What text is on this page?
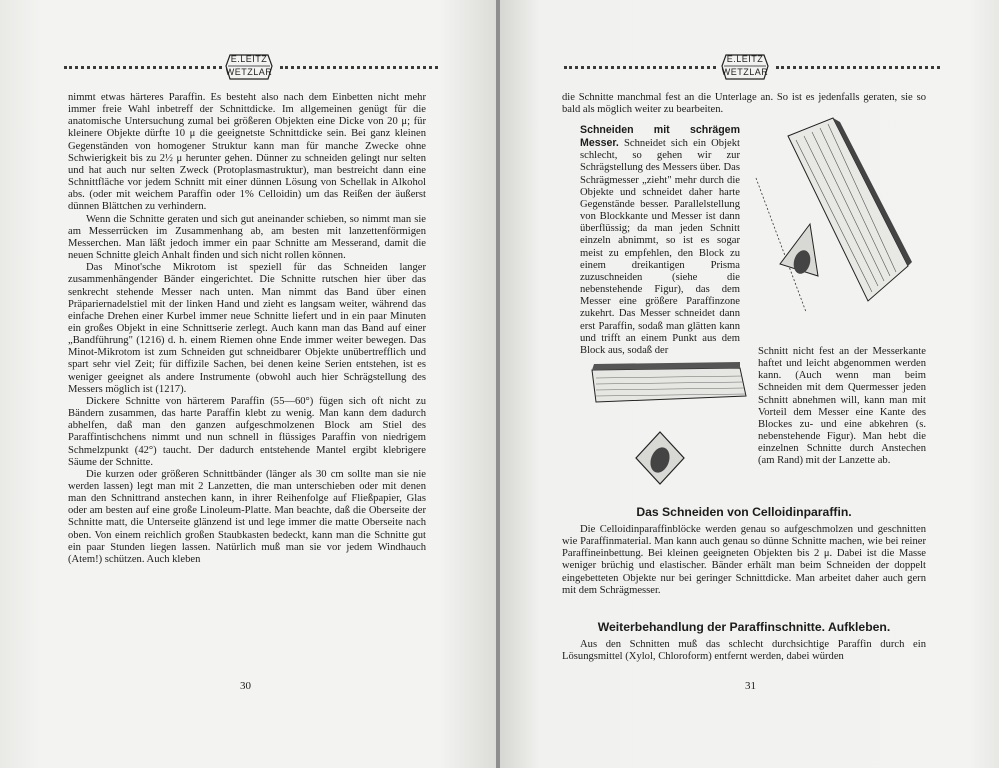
E.LEITZ
WETZLAR

nimmt etwas härteres Paraffin. Es besteht also nach dem Einbetten nicht mehr immer freie Wahl inbetreff der Schnittdicke. Im allgemeinen genügt für die anatomische Untersuchung zumal bei größeren Objekten eine Dicke von 20 μ; für kleinere Objekte dürfte 10 μ die geeignetste Schnittdicke sein. Bei ganz kleinen Gegenständen von homogener Struktur kann man für manche Zwecke ohne Schwierigkeit bis zu 2½ μ herunter gehen. Dünner zu schneiden gelingt nur selten und hat auch nur selten Zweck (Protoplasmastruktur), man bestreicht dann eine Schnittfläche vor jedem Schnitt mit einer dünnen Lösung von Schellak in Alkohol abs. (oder mit weichem Paraffin oder 1% Celloidin) um das Reißen der äußerst dünnen Blättchen zu verhindern.

Wenn die Schnitte geraten und sich gut aneinander schieben, so nimmt man sie am Messerrücken im Zusammenhang ab, am besten mit lanzettenförmigen Messerchen. Man läßt jedoch immer ein paar Schnitte am Messerand, damit die neuen Schnitte gleich Anhalt finden und sich nicht rollen können.

Das Minot'sche Mikrotom ist speziell für das Schneiden langer zusammenhängender Bänder eingerichtet. Die Schnitte rutschen hier über das senkrecht stehende Messer nach unten. Man nimmt das Band über einen Präpariernadelstiel mit der linken Hand und zieht es langsam weiter, während das einfache Drehen einer Kurbel immer neue Schnitte liefert und in ein paar Minuten ein großes Objekt in eine Schnittserie zerlegt. Auch kann man das Band auf einer „Bandführung" (1216) d. h. einem Riemen ohne Ende immer weiter bewegen. Das Minot-Mikrotom ist zum Schneiden gut schneidbarer Objekte unübertrefflich und spart sehr viel Zeit; für diffizile Sachen, bei denen keine Serien entstehen, ist es weniger geeignet als andere Instrumente (obwohl auch hier Schrägstellung des Messers möglich ist (1217).

Dickere Schnitte von härterem Paraffin (55—60°) fügen sich oft nicht zu Bändern zusammen, das harte Paraffin klebt zu wenig. Man kann dem dadurch abhelfen, daß man den ganzen aufgeschmolzenen Block am Stiel des Paraffintischchens nimmt und nun schnell in flüssiges Paraffin von niedrigem Schmelzpunkt (42°) taucht. Der dadurch entstehende Mantel ergibt klebrigere Säume der Schnitte.

Die kurzen oder größeren Schnittbänder (länger als 30 cm sollte man sie nie werden lassen) legt man mit 2 Lanzetten, die man unterschieben oder mit denen man den Schnittrand anstechen kann, in ihrer Reihenfolge auf Fließpapier, Glas oder am besten auf eine große Linoleum-Platte. Man beachte, daß die Oberseite der Schnitte matt, die Unterseite glänzend ist und lege immer die matte Oberseite nach oben. Von einem reichlich großen Staubkasten bedeckt, kann man die Schnitte gut ein paar Stunden liegen lassen. Natürlich muß man sie vor jedem Windhauch (Atem!) schützen. Auch kleben

30
E.LEITZ
WETZLAR
die Schnitte manchmal fest an die Unterlage an. So ist es jedenfalls geraten, sie so bald als möglich weiter zu bearbeiten.
Schneiden mit schrägem Messer. Schneidet sich ein Objekt schlecht, so gehen wir zur Schrägstellung des Messers über. Das Schrägmesser „zieht" mehr durch die Objekte und schneidet daher harte Gegenstände besser. Parallelstellung von Blockkante und Messer ist dann überflüssig; da man jeden Schnitt einzeln abnimmt, so ist es sogar meist zu empfehlen, den Block zu einem dreikantigen Prisma zuzuschneiden (siehe die nebenstehende Figur), das dem Messer eine größere Paraffinzone zukehrt. Das Messer schneidet dann erst Paraffin, sodaß man glätten kann und trifft an einem Punkt aus dem Block aus, sodaß der	Schnitt nicht fest an der Messerkante haftet und leicht abgenommen werden kann. (Auch wenn man beim Schneiden mit dem Quermesser jeden Schnitt abnehmen will, kann man mit Vorteil dem Messer eine Kante des Blockes zu- und eine abkehren (s. nebenstehende Figur). Man hebt die einzelnen Schnitte durch Anstechen (am Rand) mit der Lanzette ab.
Das Schneiden von Celloidinparaffin.
Die Celloidinparaffinblöcke werden genau so aufgeschmolzen und geschnitten wie Paraffinmaterial. Man kann auch genau so dünne Schnitte machen, wie bei reiner Paraffineinbettung. Bei kleinen geeigneten Objekten bis 2 μ. Dabei ist die Masse weniger brüchig und elastischer. Bänder erhält man beim Schneiden der doppelt eingebetteten Objekte nur bei geringer Schnittdicke. Man arbeitet daher auch gern mit dem Schrägmesser.
Weiterbehandlung der Paraffinschnitte. Aufkleben.
Aus den Schnitten muß das schlecht durchsichtige Paraffin durch ein Lösungsmittel (Xylol, Chloroform) entfernt werden, dabei würden
31
